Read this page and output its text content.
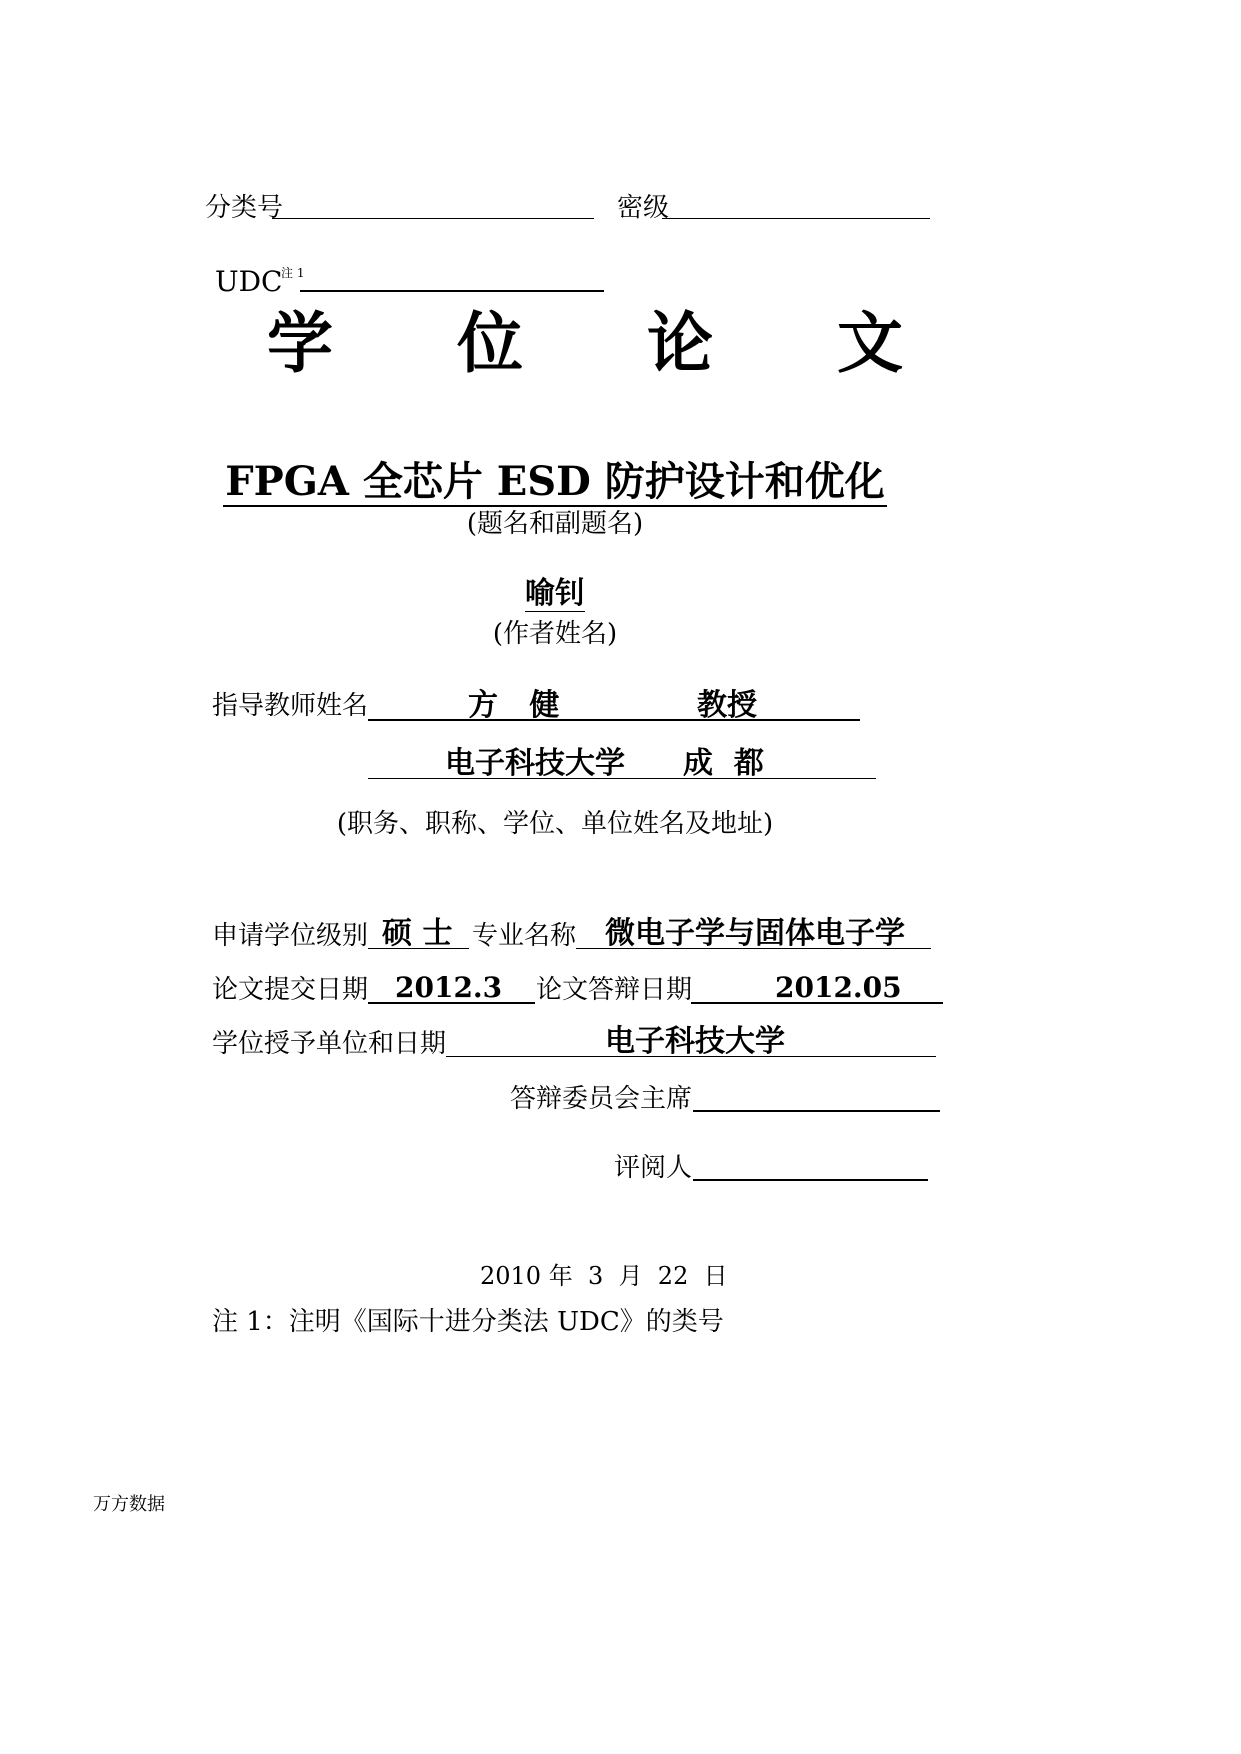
分类号	密级
UDC
注 1
学 位 论 文
FPGA 全芯片 ESD 防护设计和优化
(题名和副题名)
喻钊
(作者姓名)
指导教师姓名	方   健	教授
电子科技大学 成  都
(职务、职称、学位、单位姓名及地址)
申请学位级别 硕 士 专业名称 微电子学与固体电子学
论文提交日期 2012.3 论文答辩日期	2012.05
学位授予单位和日期	电子科技大学
答辩委员会主席
评阅人
2010 年 3 月 22 日
注 1：注明《国际十进分类法 UDC》的类号
万方数据
